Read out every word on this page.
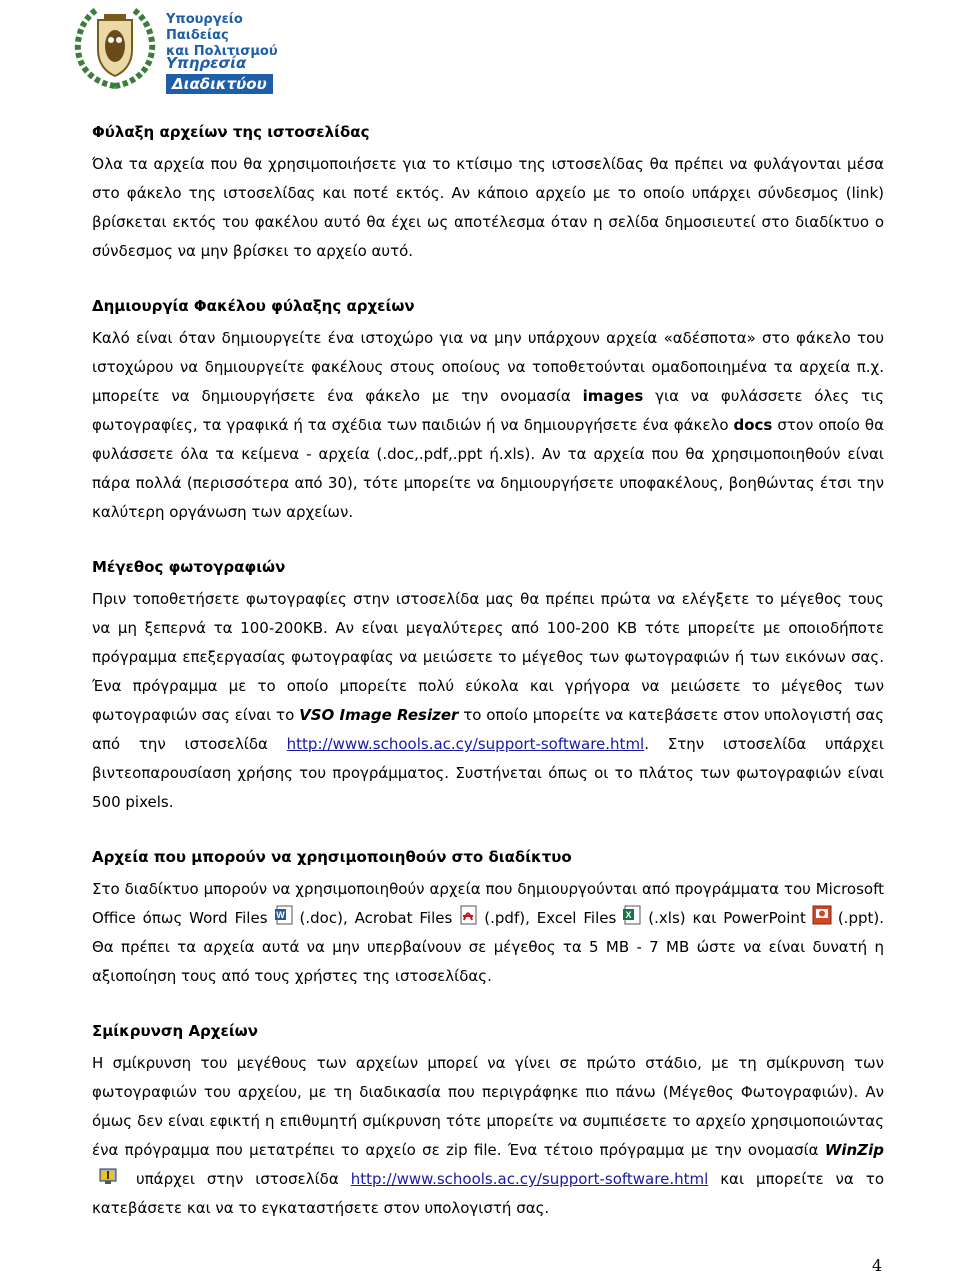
Υπουργείο Παιδείας
και Πολιτισμού
Υπηρεσία
Διαδικτύου
Φύλαξη αρχείων της ιστοσελίδας

Όλα τα αρχεία που θα χρησιμοποιήσετε για το κτίσιμο της ιστοσελίδας θα πρέπει να φυλάγονται μέσα στο φάκελο της ιστοσελίδας και ποτέ εκτός. Αν κάποιο αρχείο με το οποίο υπάρχει σύνδεσμος (link) βρίσκεται εκτός του φακέλου αυτό θα έχει ως αποτέλεσμα όταν η σελίδα δημοσιευτεί στο διαδίκτυο ο σύνδεσμος να μην βρίσκει το αρχείο αυτό.

Δημιουργία Φακέλου φύλαξης αρχείων

Καλό είναι όταν δημιουργείτε ένα ιστοχώρο για να μην υπάρχουν αρχεία «αδέσποτα» στο φάκελο του ιστοχώρου να δημιουργείτε φακέλους στους οποίους να τοποθετούνται ομαδοποιημένα τα αρχεία π.χ. μπορείτε να δημιουργήσετε ένα φάκελο με την ονομασία images για να φυλάσσετε όλες τις φωτογραφίες, τα γραφικά ή τα σχέδια των παιδιών ή να δημιουργήσετε ένα φάκελο docs στον οποίο θα φυλάσσετε όλα τα κείμενα - αρχεία (.doc,.pdf,.ppt ή.xls). Αν τα αρχεία που θα χρησιμοποιηθούν είναι πάρα πολλά (περισσότερα από 30), τότε μπορείτε να δημιουργήσετε υποφακέλους, βοηθώντας έτσι την καλύτερη οργάνωση των αρχείων.

Μέγεθος φωτογραφιών

Πριν τοποθετήσετε φωτογραφίες στην ιστοσελίδα μας θα πρέπει πρώτα να ελέγξετε το μέγεθος τους να μη ξεπερνά τα 100-200KB. Αν είναι μεγαλύτερες από 100-200 KB τότε μπορείτε με οποιοδήποτε πρόγραμμα επεξεργασίας φωτογραφίας να μειώσετε το μέγεθος των φωτογραφιών ή των εικόνων σας. Ένα πρόγραμμα με το οποίο μπορείτε πολύ εύκολα και γρήγορα να μειώσετε το μέγεθος των φωτογραφιών σας είναι το VSO Image Resizer το οποίο μπορείτε να κατεβάσετε στον υπολογιστή σας από την ιστοσελίδα http://www.schools.ac.cy/support-software.html. Στην ιστοσελίδα υπάρχει βιντεοπαρουσίαση χρήσης του προγράμματος. Συστήνεται όπως οι το πλάτος των φωτογραφιών είναι 500 pixels.

Αρχεία που μπορούν να χρησιμοποιηθούν στο διαδίκτυο

Στο διαδίκτυο μπορούν να χρησιμοποιηθούν αρχεία που δημιουργούνται από προγράμματα του Microsoft Office όπως Word Files W (.doc), Acrobat Files (.pdf), Excel Files X (.xls) και PowerPoint (.ppt). Θα πρέπει τα αρχεία αυτά να μην υπερβαίνουν σε μέγεθος τα 5 MB - 7 MB ώστε να είναι δυνατή η αξιοποίηση τους από τους χρήστες της ιστοσελίδας.

Σμίκρυνση Αρχείων

Η σμίκρυνση του μεγέθους των αρχείων μπορεί να γίνει σε πρώτο στάδιο, με τη σμίκρυνση των φωτογραφιών του αρχείου, με τη διαδικασία που περιγράφηκε πιο πάνω (Μέγεθος Φωτογραφιών). Αν όμως δεν είναι εφικτή η επιθυμητή σμίκρυνση τότε μπορείτε να συμπιέσετε το αρχείο χρησιμοποιώντας ένα πρόγραμμα που μετατρέπει το αρχείο σε zip file. Ένα τέτοιο πρόγραμμα με την ονομασία WinZip υπάρχει στην ιστοσελίδα http://www.schools.ac.cy/support-software.html και μπορείτε να το κατεβάσετε και να το εγκαταστήσετε στον υπολογιστή σας.

4
